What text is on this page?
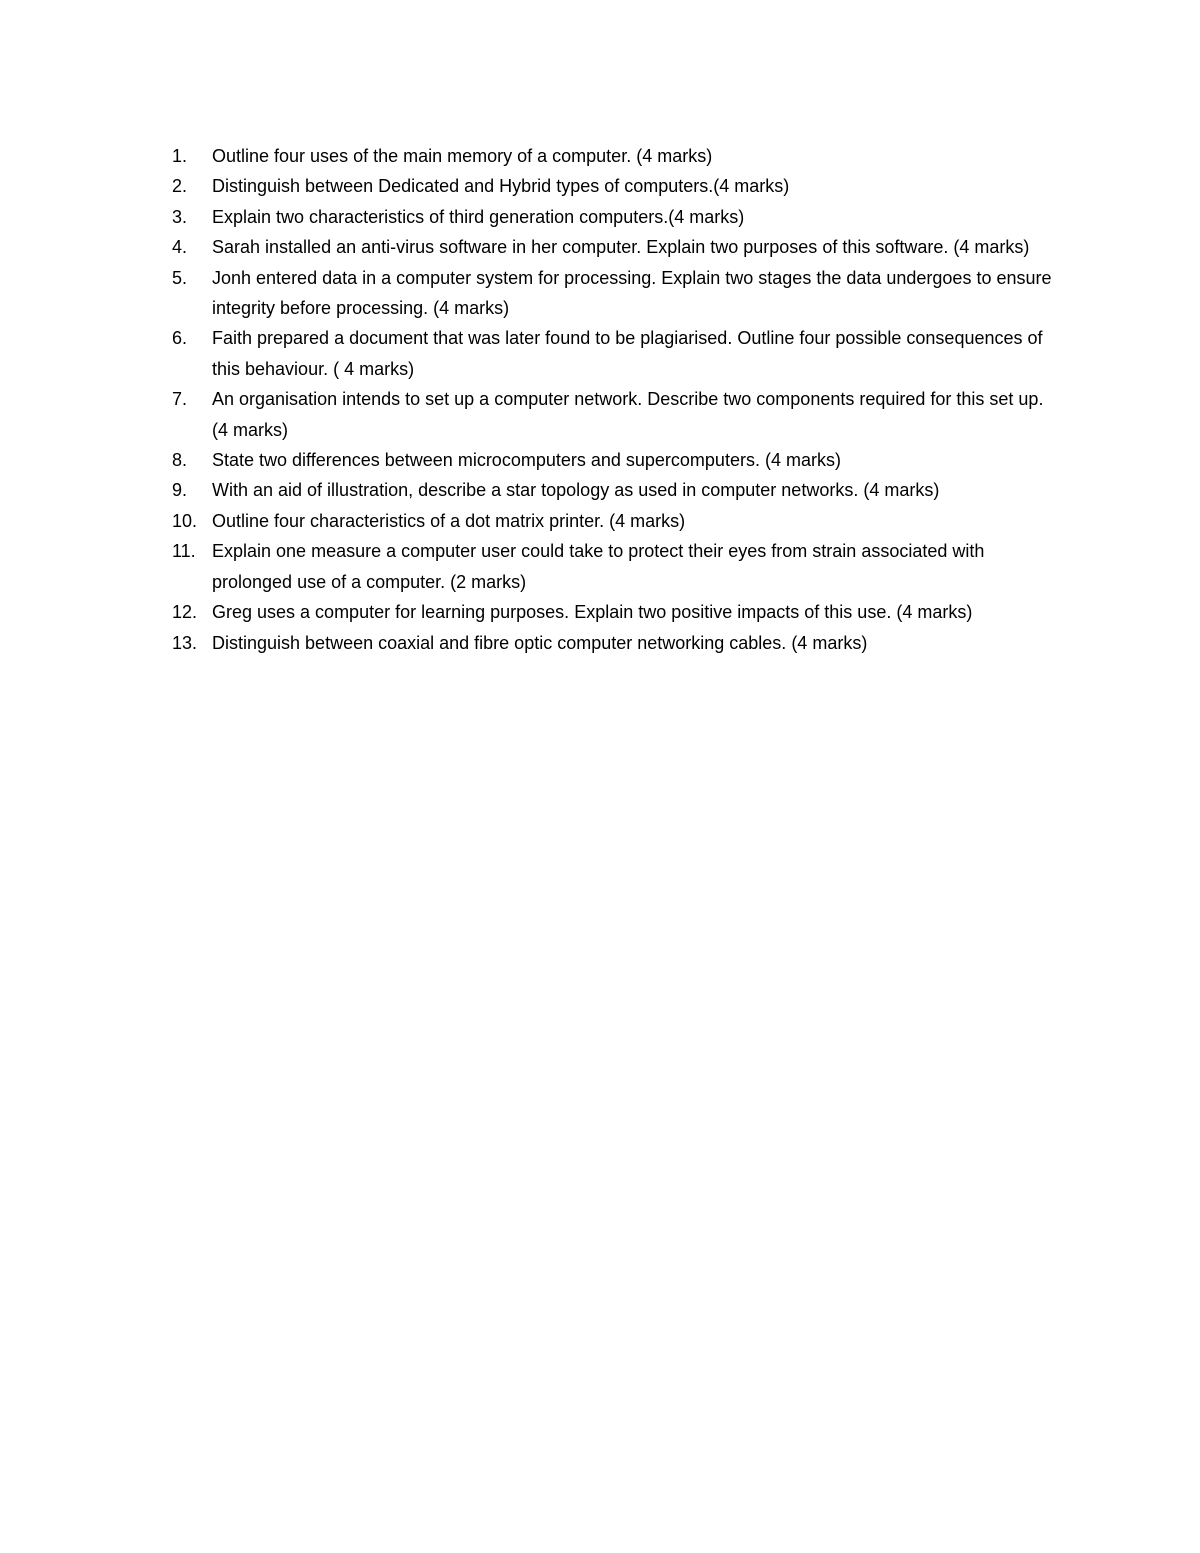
1.	Outline four uses of the main memory of a computer. (4 marks)
2.	Distinguish between Dedicated and Hybrid types of computers.(4 marks)
3.	Explain two characteristics of third generation computers.(4 marks)
4.	Sarah installed an anti-virus software in her computer. Explain two purposes of this software. (4 marks)
5.	Jonh entered data in a computer system for processing. Explain two stages the data undergoes to ensure integrity before processing. (4 marks)
6.	Faith prepared a document that was later found to be plagiarised. Outline four possible consequences of this behaviour. ( 4 marks)
7.	An organisation intends to set up a computer network. Describe two components required for this set up. (4 marks)
8.	State two differences between microcomputers and supercomputers. (4 marks)
9.	With an aid of illustration, describe a star topology as used in computer networks. (4 marks)
10. Outline four characteristics of a dot matrix printer. (4 marks)
11. Explain one measure a computer user could take to protect their eyes from strain associated with prolonged use of a computer. (2 marks)
12. Greg uses a computer for learning purposes. Explain two positive impacts of this use. (4 marks)
13. Distinguish between coaxial and fibre optic computer networking cables. (4 marks)
